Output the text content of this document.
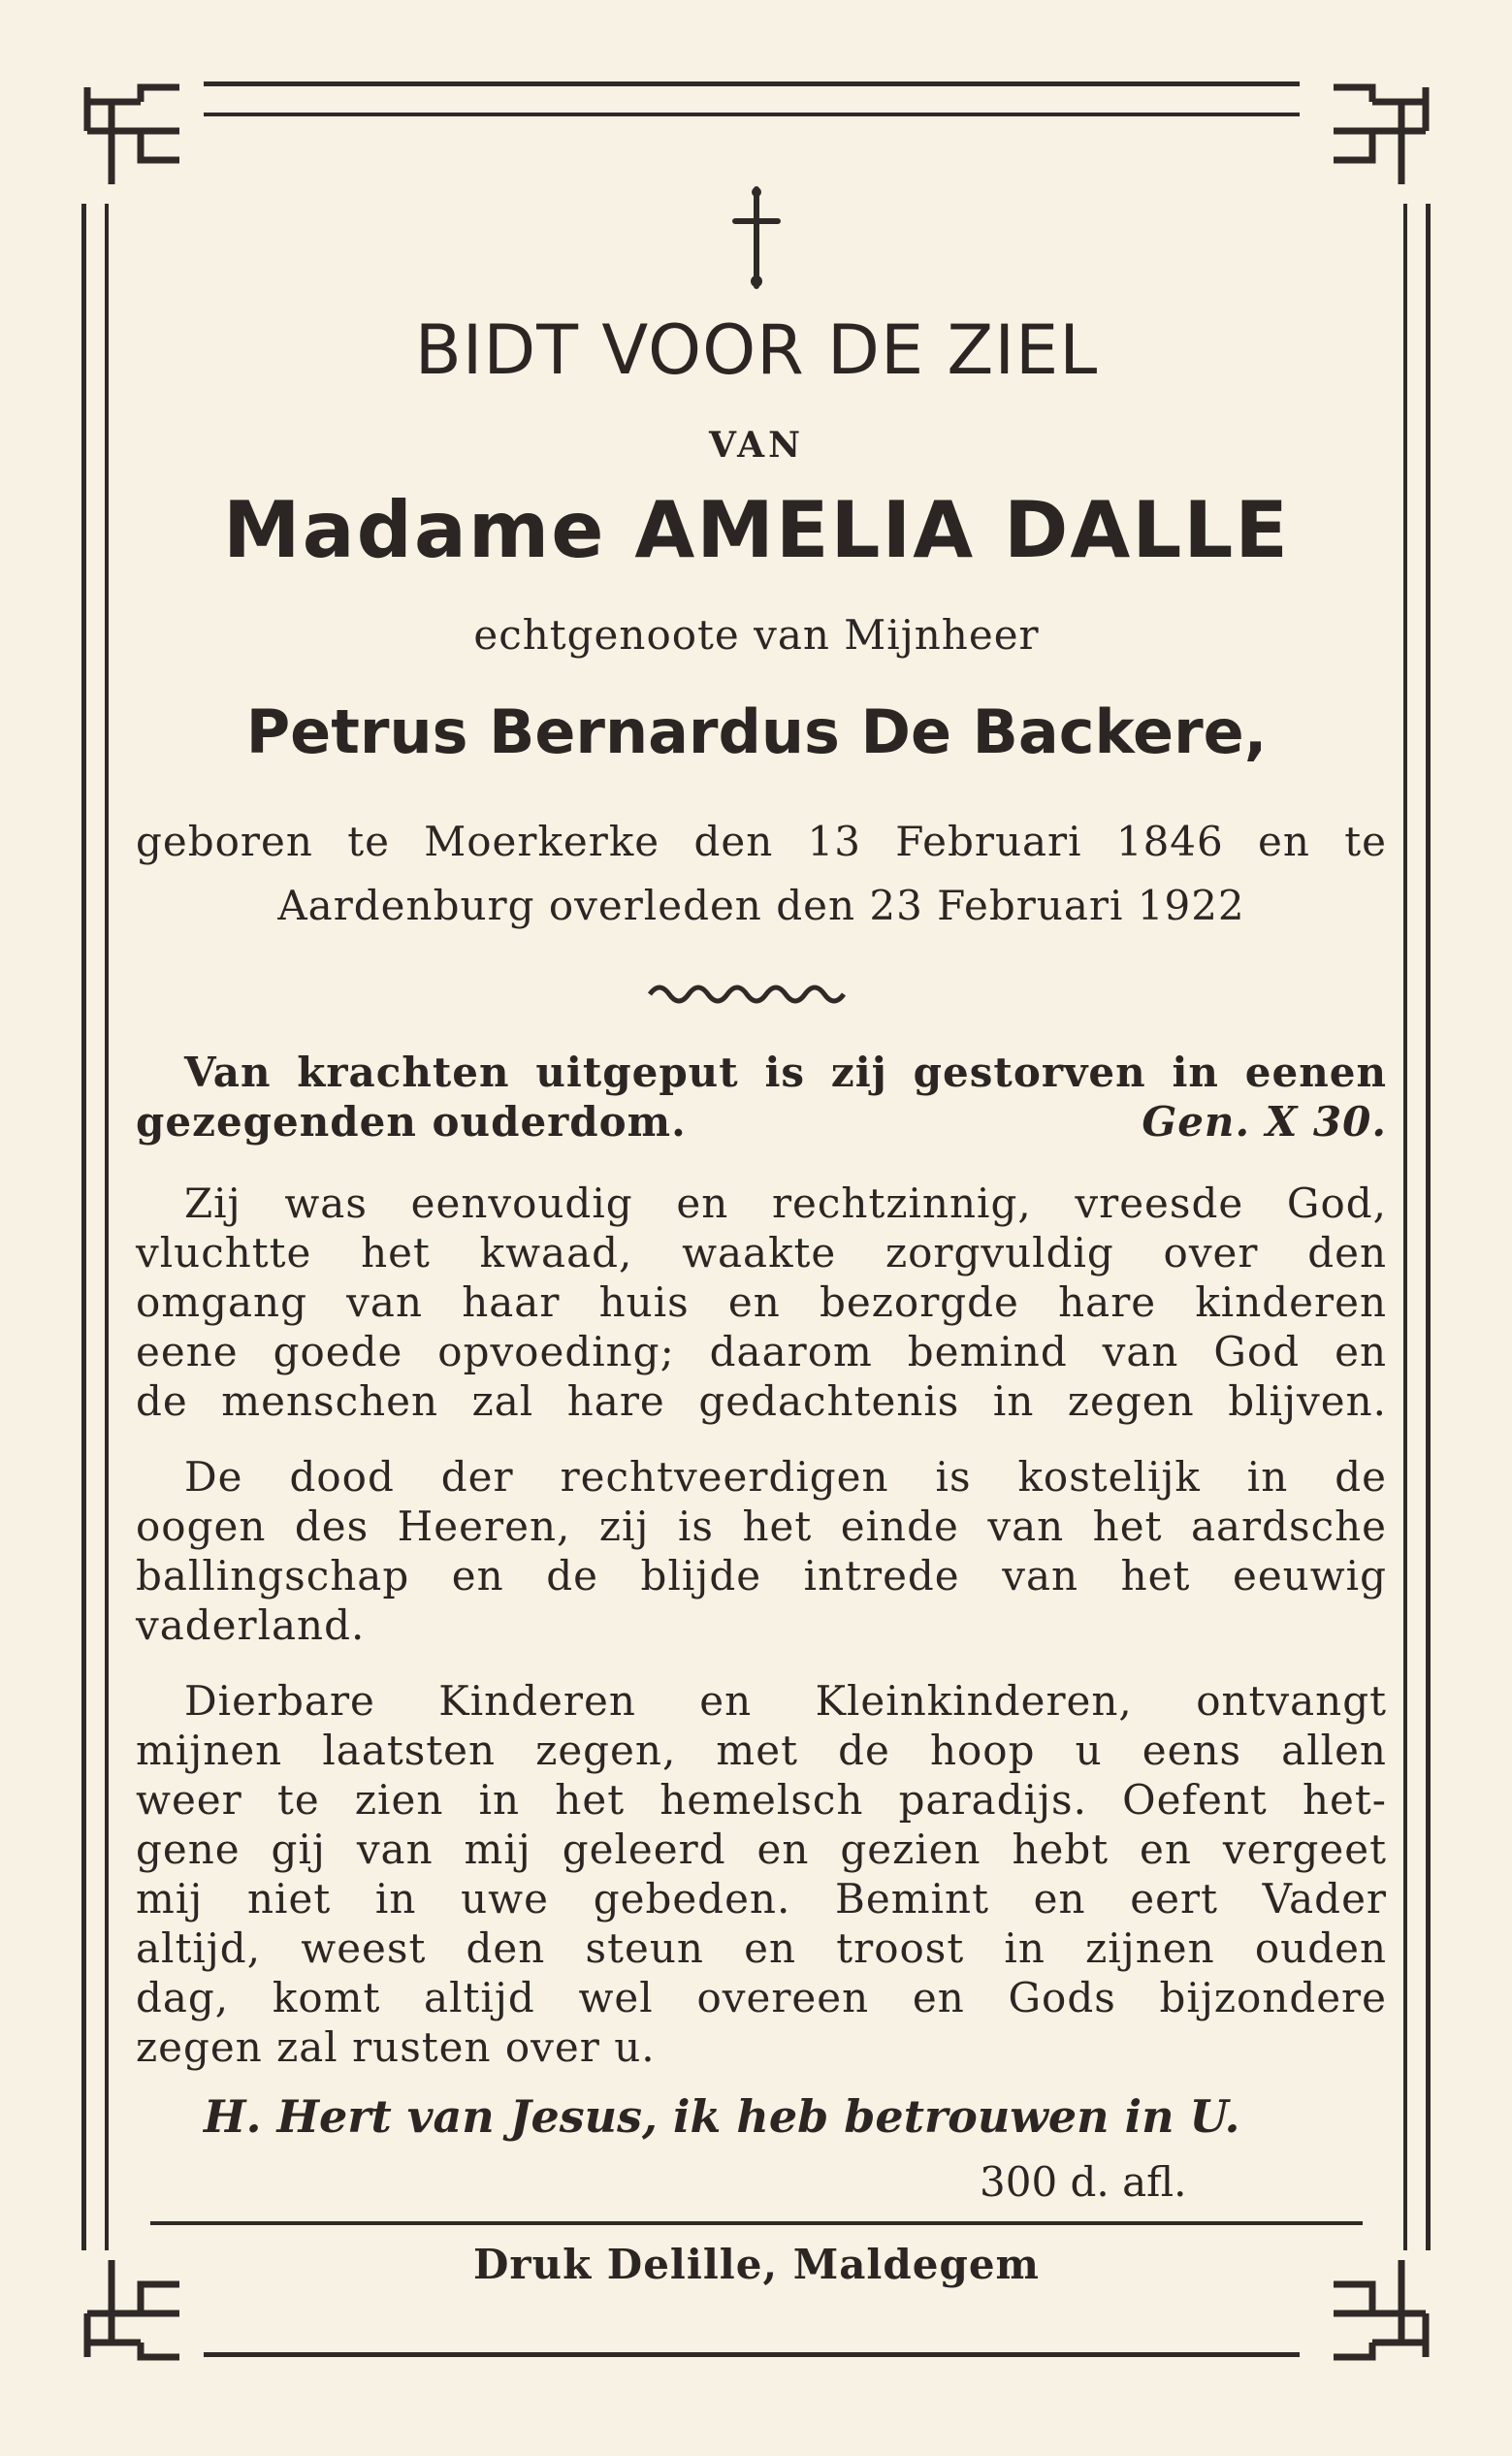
BIDT VOOR DE ZIEL
VAN
Madame AMELIA DALLE
echtgenoote van Mijnheer
Petrus Bernardus De Backere,
geboren te Moerkerke den 13 Februari 1846 en te
Aardenburg overleden den 23 Februari 1922
Van krachten uitgeput is zij gestorven in eenen
gezegenden ouderdom.	Gen. X 30.
Zij was eenvoudig en rechtzinnig, vreesde God,
vluchtte het kwaad, waakte zorgvuldig over den
omgang van haar huis en bezorgde hare kinderen
eene goede opvoeding; daarom bemind van God en
de menschen zal hare gedachtenis in zegen blijven.
De dood der rechtveerdigen is kostelijk in de
oogen des Heeren, zij is het einde van het aardsche
ballingschap en de blijde intrede van het eeuwig
vaderland.
Dierbare Kinderen en Kleinkinderen, ontvangt
mijnen laatsten zegen, met de hoop u eens allen
weer te zien in het hemelsch paradijs. Oefent het-
gene gij van mij geleerd en gezien hebt en vergeet
mij niet in uwe gebeden. Bemint en eert Vader
altijd, weest den steun en troost in zijnen ouden
dag, komt altijd wel overeen en Gods bijzondere
zegen zal rusten over u.
H. Hert van Jesus, ik heb betrouwen in U.
300 d. afl.
Druk Delille, Maldegem
